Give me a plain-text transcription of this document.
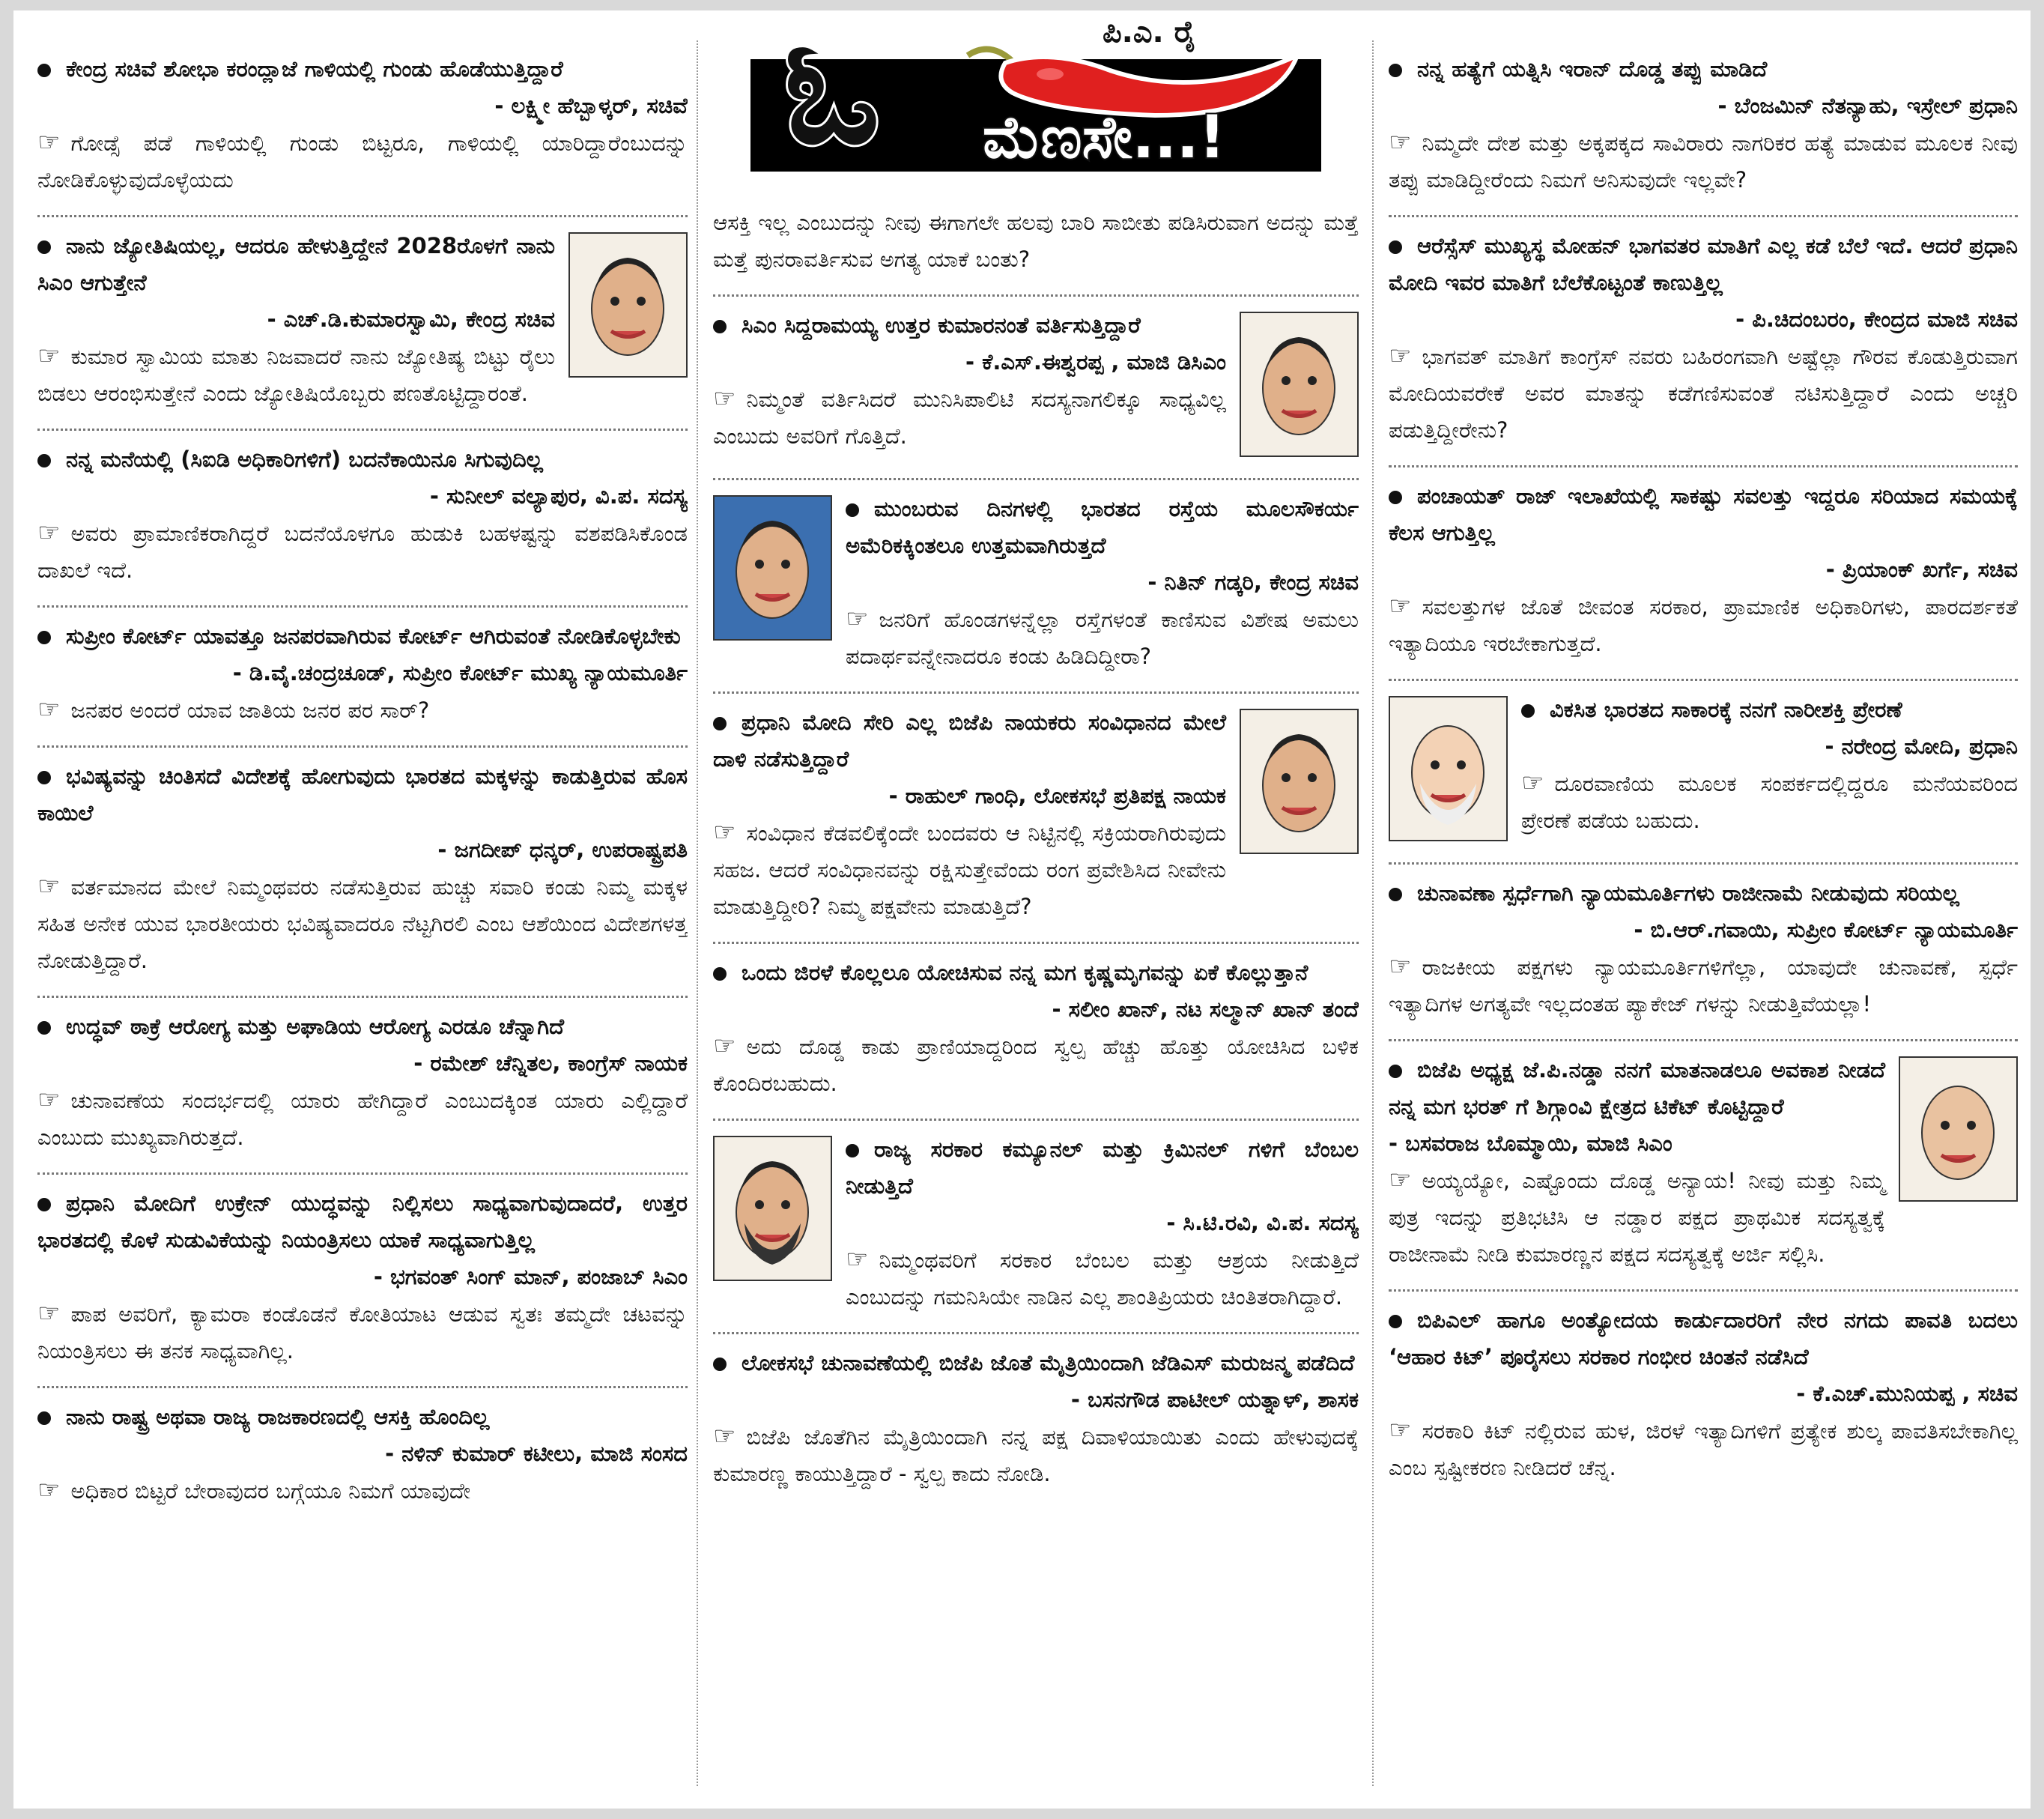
ಕೇಂದ್ರ ಸಚಿವೆ ಶೋಭಾ ಕರಂದ್ಲಾಜೆ ಗಾಳಿಯಲ್ಲಿ ಗುಂಡು ಹೊಡೆಯುತ್ತಿದ್ದಾರೆ
- ಲಕ್ಷ್ಮೀ ಹೆಬ್ಬಾಳ್ಕರ್, ಸಚಿವೆ
☞ ಗೋಡ್ಸೆ ಪಡೆ ಗಾಳಿಯಲ್ಲಿ ಗುಂಡು ಬಿಟ್ಟರೂ, ಗಾಳಿಯಲ್ಲಿ ಯಾರಿದ್ದಾರೆಂಬುದನ್ನು ನೋಡಿಕೊಳ್ಳುವುದೊಳ್ಳೆಯದು
ನಾನು ಜ್ಯೋತಿಷಿಯಲ್ಲ, ಆದರೂ ಹೇಳುತ್ತಿದ್ದೇನೆ 2028ರೊಳಗೆ ನಾನು ಸಿಎಂ ಆಗುತ್ತೇನೆ
- ಎಚ್.ಡಿ.ಕುಮಾರಸ್ವಾಮಿ, ಕೇಂದ್ರ ಸಚಿವ
☞ ಕುಮಾರ ಸ್ವಾಮಿಯ ಮಾತು ನಿಜವಾದರೆ ನಾನು ಜ್ಯೋತಿಷ್ಯ ಬಿಟ್ಟು ರೈಲು ಬಿಡಲು ಆರಂಭಿಸುತ್ತೇನೆ ಎಂದು ಜ್ಯೋತಿಷಿಯೊಬ್ಬರು ಪಣತೊಟ್ಟಿದ್ದಾರಂತೆ.
ನನ್ನ ಮನೆಯಲ್ಲಿ (ಸಿಐಡಿ ಅಧಿಕಾರಿಗಳಿಗೆ) ಬದನೆಕಾಯಿನೂ ಸಿಗುವುದಿಲ್ಲ
- ಸುನೀಲ್ ವಲ್ಯಾಪುರ, ವಿ.ಪ. ಸದಸ್ಯ
☞ ಅವರು ಪ್ರಾಮಾಣಿಕರಾಗಿದ್ದರೆ ಬದನೆಯೊಳಗೂ ಹುಡುಕಿ ಬಹಳಷ್ಟನ್ನು ವಶಪಡಿಸಿಕೊಂಡ ದಾಖಲೆ ಇದೆ.
ಸುಪ್ರೀಂ ಕೋರ್ಟ್ ಯಾವತ್ತೂ ಜನಪರವಾಗಿರುವ ಕೋರ್ಟ್ ಆಗಿರುವಂತೆ ನೋಡಿಕೊಳ್ಳಬೇಕು
- ಡಿ.ವೈ.ಚಂದ್ರಚೂಡ್, ಸುಪ್ರೀಂ ಕೋರ್ಟ್ ಮುಖ್ಯ ನ್ಯಾಯಮೂರ್ತಿ
☞ ಜನಪರ ಅಂದರೆ ಯಾವ ಜಾತಿಯ ಜನರ ಪರ ಸಾರ್?
ಭವಿಷ್ಯವನ್ನು ಚಿಂತಿಸದೆ ವಿದೇಶಕ್ಕೆ ಹೋಗುವುದು ಭಾರತದ ಮಕ್ಕಳನ್ನು ಕಾಡುತ್ತಿರುವ ಹೊಸ ಕಾಯಿಲೆ
- ಜಗದೀಪ್ ಧನ್ಕರ್, ಉಪರಾಷ್ಟ್ರಪತಿ
☞ ವರ್ತಮಾನದ ಮೇಲೆ ನಿಮ್ಮಂಥವರು ನಡೆಸುತ್ತಿರುವ ಹುಚ್ಚು ಸವಾರಿ ಕಂಡು ನಿಮ್ಮ ಮಕ್ಕಳ ಸಹಿತ ಅನೇಕ ಯುವ ಭಾರತೀಯರು ಭವಿಷ್ಯವಾದರೂ ನೆಟ್ಟಗಿರಲಿ ಎಂಬ ಆಶೆಯಿಂದ ವಿದೇಶಗಳತ್ತ ನೋಡುತ್ತಿದ್ದಾರೆ.
ಉದ್ಧವ್ ಠಾಕ್ರೆ ಆರೋಗ್ಯ ಮತ್ತು ಅಘಾಡಿಯ ಆರೋಗ್ಯ ಎರಡೂ ಚೆನ್ನಾಗಿದೆ
- ರಮೇಶ್ ಚೆನ್ನಿತಲ, ಕಾಂಗ್ರೆಸ್ ನಾಯಕ
☞ ಚುನಾವಣೆಯ ಸಂದರ್ಭದಲ್ಲಿ ಯಾರು ಹೇಗಿದ್ದಾರೆ ಎಂಬುದಕ್ಕಿಂತ ಯಾರು ಎಲ್ಲಿದ್ದಾರೆ ಎಂಬುದು ಮುಖ್ಯವಾಗಿರುತ್ತದೆ.
ಪ್ರಧಾನಿ ಮೋದಿಗೆ ಉಕ್ರೇನ್ ಯುದ್ಧವನ್ನು ನಿಲ್ಲಿಸಲು ಸಾಧ್ಯವಾಗುವುದಾದರೆ, ಉತ್ತರ ಭಾರತದಲ್ಲಿ ಕೊಳೆ ಸುಡುವಿಕೆಯನ್ನು ನಿಯಂತ್ರಿಸಲು ಯಾಕೆ ಸಾಧ್ಯವಾಗುತ್ತಿಲ್ಲ
- ಭಗವಂತ್ ಸಿಂಗ್ ಮಾನ್, ಪಂಜಾಬ್ ಸಿಎಂ
☞ ಪಾಪ ಅವರಿಗೆ, ಕ್ಯಾಮರಾ ಕಂಡೊಡನೆ ಕೋತಿಯಾಟ ಆಡುವ ಸ್ವತಃ ತಮ್ಮದೇ ಚಟವನ್ನು ನಿಯಂತ್ರಿಸಲು ಈ ತನಕ ಸಾಧ್ಯವಾಗಿಲ್ಲ.
ನಾನು ರಾಷ್ಟ್ರ ಅಥವಾ ರಾಜ್ಯ ರಾಜಕಾರಣದಲ್ಲಿ ಆಸಕ್ತಿ ಹೊಂದಿಲ್ಲ
- ನಳಿನ್ ಕುಮಾರ್ ಕಟೀಲು, ಮಾಜಿ ಸಂಸದ
☞ ಅಧಿಕಾರ ಬಿಟ್ಟರೆ ಬೇರಾವುದರ ಬಗ್ಗೆಯೂ ನಿಮಗೆ ಯಾವುದೇ
ಓ ಮೆಣಸೇ...!
ಪಿ.ಎ. ರೈ
ಆಸಕ್ತಿ ಇಲ್ಲ ಎಂಬುದನ್ನು ನೀವು ಈಗಾಗಲೇ ಹಲವು ಬಾರಿ ಸಾಬೀತು ಪಡಿಸಿರುವಾಗ ಅದನ್ನು ಮತ್ತೆ ಮತ್ತೆ ಪುನರಾವರ್ತಿಸುವ ಅಗತ್ಯ ಯಾಕೆ ಬಂತು?
ಸಿಎಂ ಸಿದ್ದರಾಮಯ್ಯ ಉತ್ತರ ಕುಮಾರನಂತೆ ವರ್ತಿಸುತ್ತಿದ್ದಾರೆ
- ಕೆ.ಎಸ್.ಈಶ್ವರಪ್ಪ , ಮಾಜಿ ಡಿಸಿಎಂ
☞ ನಿಮ್ಮಂತೆ ವರ್ತಿಸಿದರೆ ಮುನಿಸಿಪಾಲಿಟಿ ಸದಸ್ಯನಾಗಲಿಕ್ಕೂ ಸಾಧ್ಯವಿಲ್ಲ ಎಂಬುದು ಅವರಿಗೆ ಗೊತ್ತಿದೆ.
ಮುಂಬರುವ ದಿನಗಳಲ್ಲಿ ಭಾರತದ ರಸ್ತೆಯ ಮೂಲಸೌಕರ್ಯ ಅಮೆರಿಕಕ್ಕಿಂತಲೂ ಉತ್ತಮವಾಗಿರುತ್ತದೆ
- ನಿತಿನ್ ಗಡ್ಕರಿ, ಕೇಂದ್ರ ಸಚಿವ
☞ ಜನರಿಗೆ ಹೊಂಡಗಳನ್ನೆಲ್ಲಾ ರಸ್ತೆಗಳಂತೆ ಕಾಣಿಸುವ ವಿಶೇಷ ಅಮಲು ಪದಾರ್ಥವನ್ನೇನಾದರೂ ಕಂಡು ಹಿಡಿದಿದ್ದೀರಾ?
ಪ್ರಧಾನಿ ಮೋದಿ ಸೇರಿ ಎಲ್ಲ ಬಿಜೆಪಿ ನಾಯಕರು ಸಂವಿಧಾನದ ಮೇಲೆ ದಾಳಿ ನಡೆಸುತ್ತಿದ್ದಾರೆ
- ರಾಹುಲ್ ಗಾಂಧಿ, ಲೋಕಸಭೆ ಪ್ರತಿಪಕ್ಷ ನಾಯಕ
☞ ಸಂವಿಧಾನ ಕೆಡವಲಿಕ್ಕೆಂದೇ ಬಂದವರು ಆ ನಿಟ್ಟಿನಲ್ಲಿ ಸಕ್ರಿಯರಾಗಿರುವುದು ಸಹಜ. ಆದರೆ ಸಂವಿಧಾನವನ್ನು ರಕ್ಷಿಸುತ್ತೇವೆಂದು ರಂಗ ಪ್ರವೇಶಿಸಿದ ನೀವೇನು ಮಾಡುತ್ತಿದ್ದೀರಿ? ನಿಮ್ಮ ಪಕ್ಷವೇನು ಮಾಡುತ್ತಿದೆ?
ಒಂದು ಜಿರಳೆ ಕೊಲ್ಲಲೂ ಯೋಚಿಸುವ ನನ್ನ ಮಗ ಕೃಷ್ಣಮೃಗವನ್ನು ಏಕೆ ಕೊಲ್ಲುತ್ತಾನೆ
- ಸಲೀಂ ಖಾನ್, ನಟ ಸಲ್ಮಾನ್ ಖಾನ್ ತಂದೆ
☞ ಅದು ದೊಡ್ಡ ಕಾಡು ಪ್ರಾಣಿಯಾದ್ದರಿಂದ ಸ್ವಲ್ಪ ಹೆಚ್ಚು ಹೊತ್ತು ಯೋಚಿಸಿದ ಬಳಿಕ ಕೊಂದಿರಬಹುದು.
ರಾಜ್ಯ ಸರಕಾರ ಕಮ್ಯೂನಲ್ ಮತ್ತು ಕ್ರಿಮಿನಲ್ ಗಳಿಗೆ ಬೆಂಬಲ ನೀಡುತ್ತಿದೆ
- ಸಿ.ಟಿ.ರವಿ, ವಿ.ಪ. ಸದಸ್ಯ
☞ ನಿಮ್ಮಂಥವರಿಗೆ ಸರಕಾರ ಬೆಂಬಲ ಮತ್ತು ಆಶ್ರಯ ನೀಡುತ್ತಿದೆ ಎಂಬುದನ್ನು ಗಮನಿಸಿಯೇ ನಾಡಿನ ಎಲ್ಲ ಶಾಂತಿಪ್ರಿಯರು ಚಿಂತಿತರಾಗಿದ್ದಾರೆ.
ಲೋಕಸಭೆ ಚುನಾವಣೆಯಲ್ಲಿ ಬಿಜೆಪಿ ಜೊತೆ ಮೈತ್ರಿಯಿಂದಾಗಿ ಜೆಡಿಎಸ್ ಮರುಜನ್ಮ ಪಡೆದಿದೆ
- ಬಸನಗೌಡ ಪಾಟೀಲ್ ಯತ್ನಾಳ್, ಶಾಸಕ
☞ ಬಿಜೆಪಿ ಜೊತೆಗಿನ ಮೈತ್ರಿಯಿಂದಾಗಿ ನನ್ನ ಪಕ್ಷ ದಿವಾಳಿಯಾಯಿತು ಎಂದು ಹೇಳುವುದಕ್ಕೆ ಕುಮಾರಣ್ಣ ಕಾಯುತ್ತಿದ್ದಾರೆ - ಸ್ವಲ್ಪ ಕಾದು ನೋಡಿ.
ನನ್ನ ಹತ್ಯೆಗೆ ಯತ್ನಿಸಿ ಇರಾನ್ ದೊಡ್ಡ ತಪ್ಪು ಮಾಡಿದೆ
- ಬೆಂಜಮಿನ್ ನೆತನ್ಯಾಹು, ಇಸ್ರೇಲ್ ಪ್ರಧಾನಿ
☞ ನಿಮ್ಮದೇ ದೇಶ ಮತ್ತು ಅಕ್ಕಪಕ್ಕದ ಸಾವಿರಾರು ನಾಗರಿಕರ ಹತ್ಯೆ ಮಾಡುವ ಮೂಲಕ ನೀವು ತಪ್ಪು ಮಾಡಿದ್ದೀರೆಂದು ನಿಮಗೆ ಅನಿಸುವುದೇ ಇಲ್ಲವೇ?
ಆರೆಸ್ಸೆಸ್ ಮುಖ್ಯಸ್ಥ ಮೋಹನ್ ಭಾಗವತರ ಮಾತಿಗೆ ಎಲ್ಲ ಕಡೆ ಬೆಲೆ ಇದೆ. ಆದರೆ ಪ್ರಧಾನಿ ಮೋದಿ ಇವರ ಮಾತಿಗೆ ಬೆಲೆಕೊಟ್ಟಂತೆ ಕಾಣುತ್ತಿಲ್ಲ
- ಪಿ.ಚಿದಂಬರಂ, ಕೇಂದ್ರದ ಮಾಜಿ ಸಚಿವ
☞ ಭಾಗವತ್ ಮಾತಿಗೆ ಕಾಂಗ್ರೆಸ್ ನವರು ಬಹಿರಂಗವಾಗಿ ಅಷ್ಟೆಲ್ಲಾ ಗೌರವ ಕೊಡುತ್ತಿರುವಾಗ ಮೋದಿಯವರೇಕೆ ಅವರ ಮಾತನ್ನು ಕಡೆಗಣಿಸುವಂತೆ ನಟಿಸುತ್ತಿದ್ದಾರೆ ಎಂದು ಅಚ್ಚರಿ ಪಡುತ್ತಿದ್ದೀರೇನು?
ಪಂಚಾಯತ್ ರಾಜ್ ಇಲಾಖೆಯಲ್ಲಿ ಸಾಕಷ್ಟು ಸವಲತ್ತು ಇದ್ದರೂ ಸರಿಯಾದ ಸಮಯಕ್ಕೆ ಕೆಲಸ ಆಗುತ್ತಿಲ್ಲ
- ಪ್ರಿಯಾಂಕ್ ಖರ್ಗೆ, ಸಚಿವ
☞ ಸವಲತ್ತುಗಳ ಜೊತೆ ಜೀವಂತ ಸರಕಾರ, ಪ್ರಾಮಾಣಿಕ ಅಧಿಕಾರಿಗಳು, ಪಾರದರ್ಶಕತೆ ಇತ್ಯಾದಿಯೂ ಇರಬೇಕಾಗುತ್ತದೆ.
ವಿಕಸಿತ ಭಾರತದ ಸಾಕಾರಕ್ಕೆ ನನಗೆ ನಾರೀಶಕ್ತಿ ಪ್ರೇರಣೆ
- ನರೇಂದ್ರ ಮೋದಿ, ಪ್ರಧಾನಿ
☞ ದೂರವಾಣಿಯ ಮೂಲಕ ಸಂಪರ್ಕದಲ್ಲಿದ್ದರೂ ಮನೆಯವರಿಂದ ಪ್ರೇರಣೆ ಪಡೆಯ ಬಹುದು.
ಚುನಾವಣಾ ಸ್ಪರ್ಧೆಗಾಗಿ ನ್ಯಾಯಮೂರ್ತಿಗಳು ರಾಜೀನಾಮೆ ನೀಡುವುದು ಸರಿಯಲ್ಲ
- ಬಿ.ಆರ್.ಗವಾಯಿ, ಸುಪ್ರೀಂ ಕೋರ್ಟ್ ನ್ಯಾಯಮೂರ್ತಿ
☞ ರಾಜಕೀಯ ಪಕ್ಷಗಳು ನ್ಯಾಯಮೂರ್ತಿಗಳಿಗೆಲ್ಲಾ, ಯಾವುದೇ ಚುನಾವಣೆ, ಸ್ಪರ್ಧೆ ಇತ್ಯಾದಿಗಳ ಅಗತ್ಯವೇ ಇಲ್ಲದಂತಹ ಪ್ಯಾಕೇಜ್ ಗಳನ್ನು ನೀಡುತ್ತಿವೆಯಲ್ಲಾ!
ಬಿಜೆಪಿ ಅಧ್ಯಕ್ಷ ಜೆ.ಪಿ.ನಡ್ಡಾ ನನಗೆ ಮಾತನಾಡಲೂ ಅವಕಾಶ ನೀಡದೆ ನನ್ನ ಮಗ ಭರತ್ ಗೆ ಶಿಗ್ಗಾಂವಿ ಕ್ಷೇತ್ರದ ಟಿಕೆಟ್ ಕೊಟ್ಟಿದ್ದಾರೆ
- ಬಸವರಾಜ ಬೊಮ್ಮಾಯಿ, ಮಾಜಿ ಸಿಎಂ
☞ ಅಯ್ಯಯ್ಯೋ, ಎಷ್ಟೊಂದು ದೊಡ್ಡ ಅನ್ಯಾಯ! ನೀವು ಮತ್ತು ನಿಮ್ಮ ಪುತ್ರ ಇದನ್ನು ಪ್ರತಿಭಟಿಸಿ ಆ ನಡ್ಡಾರ ಪಕ್ಷದ ಪ್ರಾಥಮಿಕ ಸದಸ್ಯತ್ವಕ್ಕೆ ರಾಜೀನಾಮೆ ನೀಡಿ ಕುಮಾರಣ್ಣನ ಪಕ್ಷದ ಸದಸ್ಯತ್ವಕ್ಕೆ ಅರ್ಜಿ ಸಲ್ಲಿಸಿ.
ಬಿಪಿಎಲ್ ಹಾಗೂ ಅಂತ್ಯೋದಯ ಕಾರ್ಡುದಾರರಿಗೆ ನೇರ ನಗದು ಪಾವತಿ ಬದಲು ‘ಆಹಾರ ಕಿಟ್’ ಪೂರೈಸಲು ಸರಕಾರ ಗಂಭೀರ ಚಿಂತನೆ ನಡೆಸಿದೆ
- ಕೆ.ಎಚ್.ಮುನಿಯಪ್ಪ , ಸಚಿವ
☞ ಸರಕಾರಿ ಕಿಟ್ ನಲ್ಲಿರುವ ಹುಳ, ಜಿರಳೆ ಇತ್ಯಾದಿಗಳಿಗೆ ಪ್ರತ್ಯೇಕ ಶುಲ್ಕ ಪಾವತಿಸಬೇಕಾಗಿಲ್ಲ ಎಂಬ ಸ್ಪಷ್ಟೀಕರಣ ನೀಡಿದರೆ ಚೆನ್ನ.
